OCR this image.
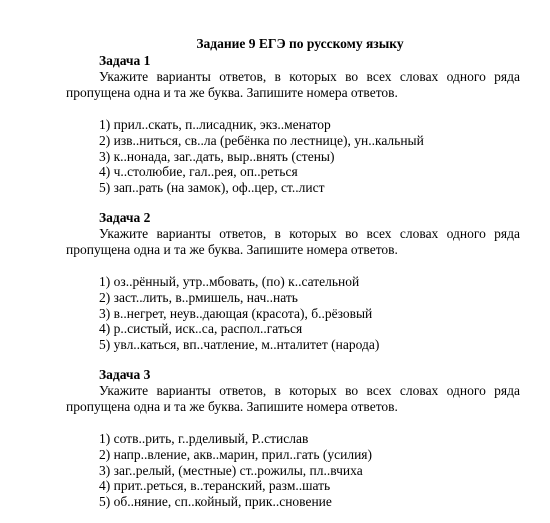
Задание 9 ЕГЭ по русскому языку
Задача 1

Укажите варианты ответов, в которых во всех словах одного ряда пропущена одна и та же буква. Запишите номера ответов.

1) прил..скать, п..лисадник, экз..менатор
2) изв..ниться, св..ла (ребёнка по лестнице), ун..кальный
3) к..нонада, заг..дать, выр..внять (стены)
4) ч..столюбие, гал..рея, оп..реться
5) зап..рать (на замок), оф..цер, ст..лист
Задача 2

Укажите варианты ответов, в которых во всех словах одного ряда пропущена одна и та же буква. Запишите номера ответов.

1) оз..рённый, утр..мбовать, (по) к..сательной
2) заст..лить, в..рмишель, нач..нать
3) в..негрет, неув..дающая (красота), б..рёзовый
4) р..систый, иск..са, распол..гаться
5) увл..каться, вп..чатление, м..нталитет (народа)
Задача 3

Укажите варианты ответов, в которых во всех словах одного ряда пропущена одна и та же буква. Запишите номера ответов.

1) сотв..рить, г..рделивый, Р..стислав
2) напр..вление, акв..марин, прил..гать (усилия)
3) заг..релый, (местные) ст..рожилы, пл..вчиха
4) прит..реться, в..теранский, разм..шать
5) об..няние, сп..койный, прик..сновение
